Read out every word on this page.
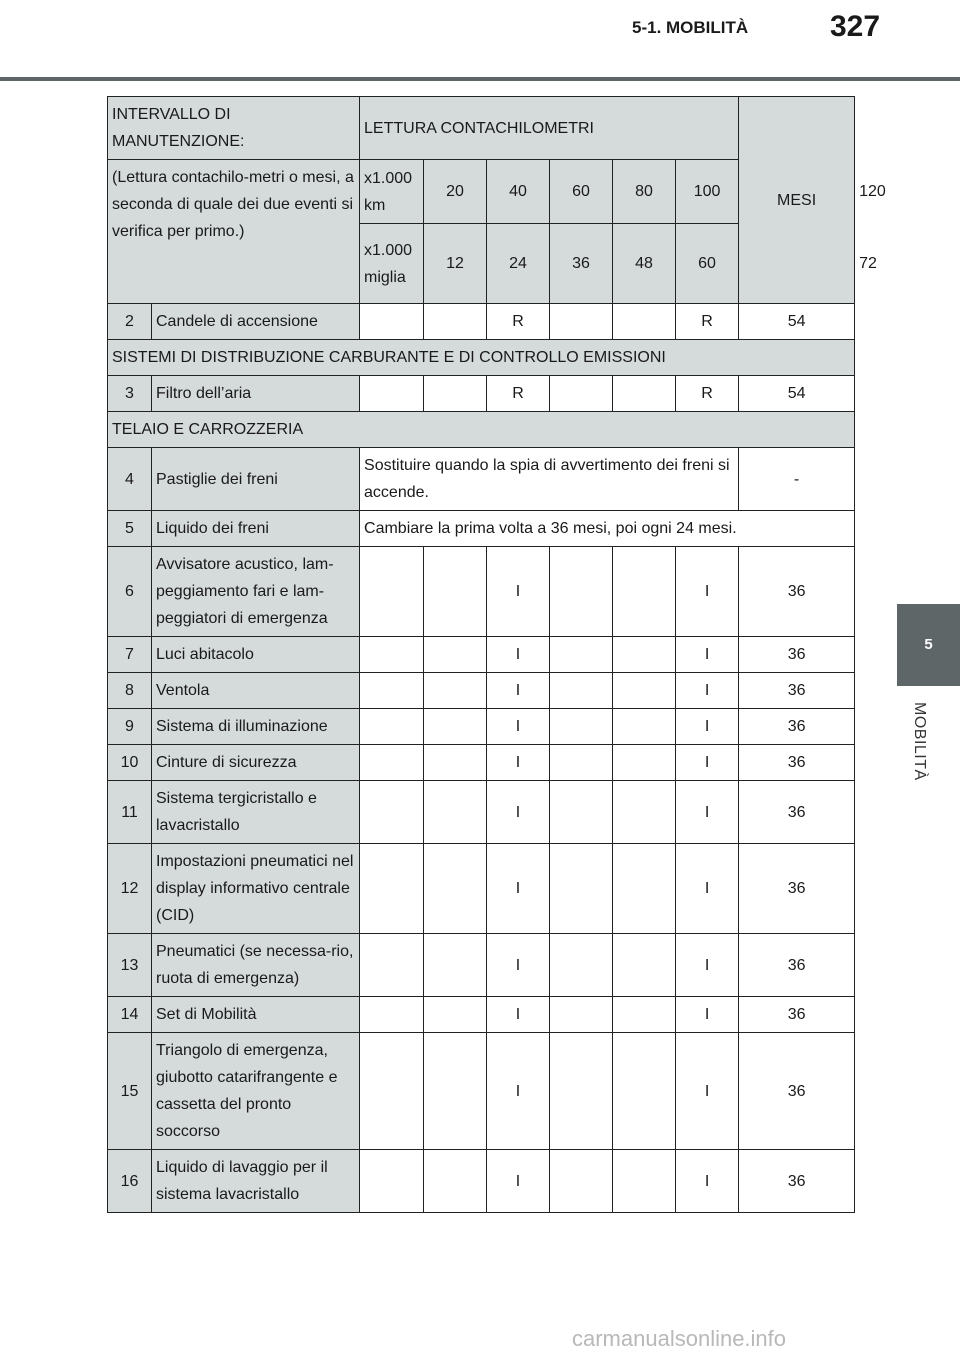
5-1. MOBILITÀ	327
5
MOBILITÀ
INTERVALLO DI MANUTENZIONE:		LETTURA CONTACHILOMETRI						MESI	
(Lettura contachilo-metri o mesi, a seconda di quale dei due eventi si verifica per primo.)		x1.000 km	20	40	60	80	100		120
		x1.000 miglia	12	24	36	48	60		72
2	Candele di accensione			R			R	54	
SISTEMI DI DISTRIBUZIONE CARBURANTE E DI CONTROLLO EMISSIONI									
3	Filtro dell’aria			R			R	54	
TELAIO E CARROZZERIA									
4	Pastiglie dei freni	Sostituire quando la spia di avvertimento dei freni si accende.						-	
5	Liquido dei freni	Cambiare la prima volta a 36 mesi, poi ogni 24 mesi.							
6	Avvisatore acustico, lam-peggiamento fari e lam-peggiatori di emergenza			I			I	36	
7	Luci abitacolo			I			I	36	
8	Ventola			I			I	36	
9	Sistema di illuminazione			I			I	36	
10	Cinture di sicurezza			I			I	36	
11	Sistema tergicristallo e lavacristallo			I			I	36	
12	Impostazioni pneumatici nel display informativo centrale (CID)			I			I	36	
13	Pneumatici (se necessa-rio, ruota di emergenza)			I			I	36	
14	Set di Mobilità			I			I	36	
15	Triangolo di emergenza, giubotto catarifrangente e cassetta del pronto soccorso			I			I	36	
16	Liquido di lavaggio per il sistema lavacristallo			I			I	36	
carmanualsonline.info
